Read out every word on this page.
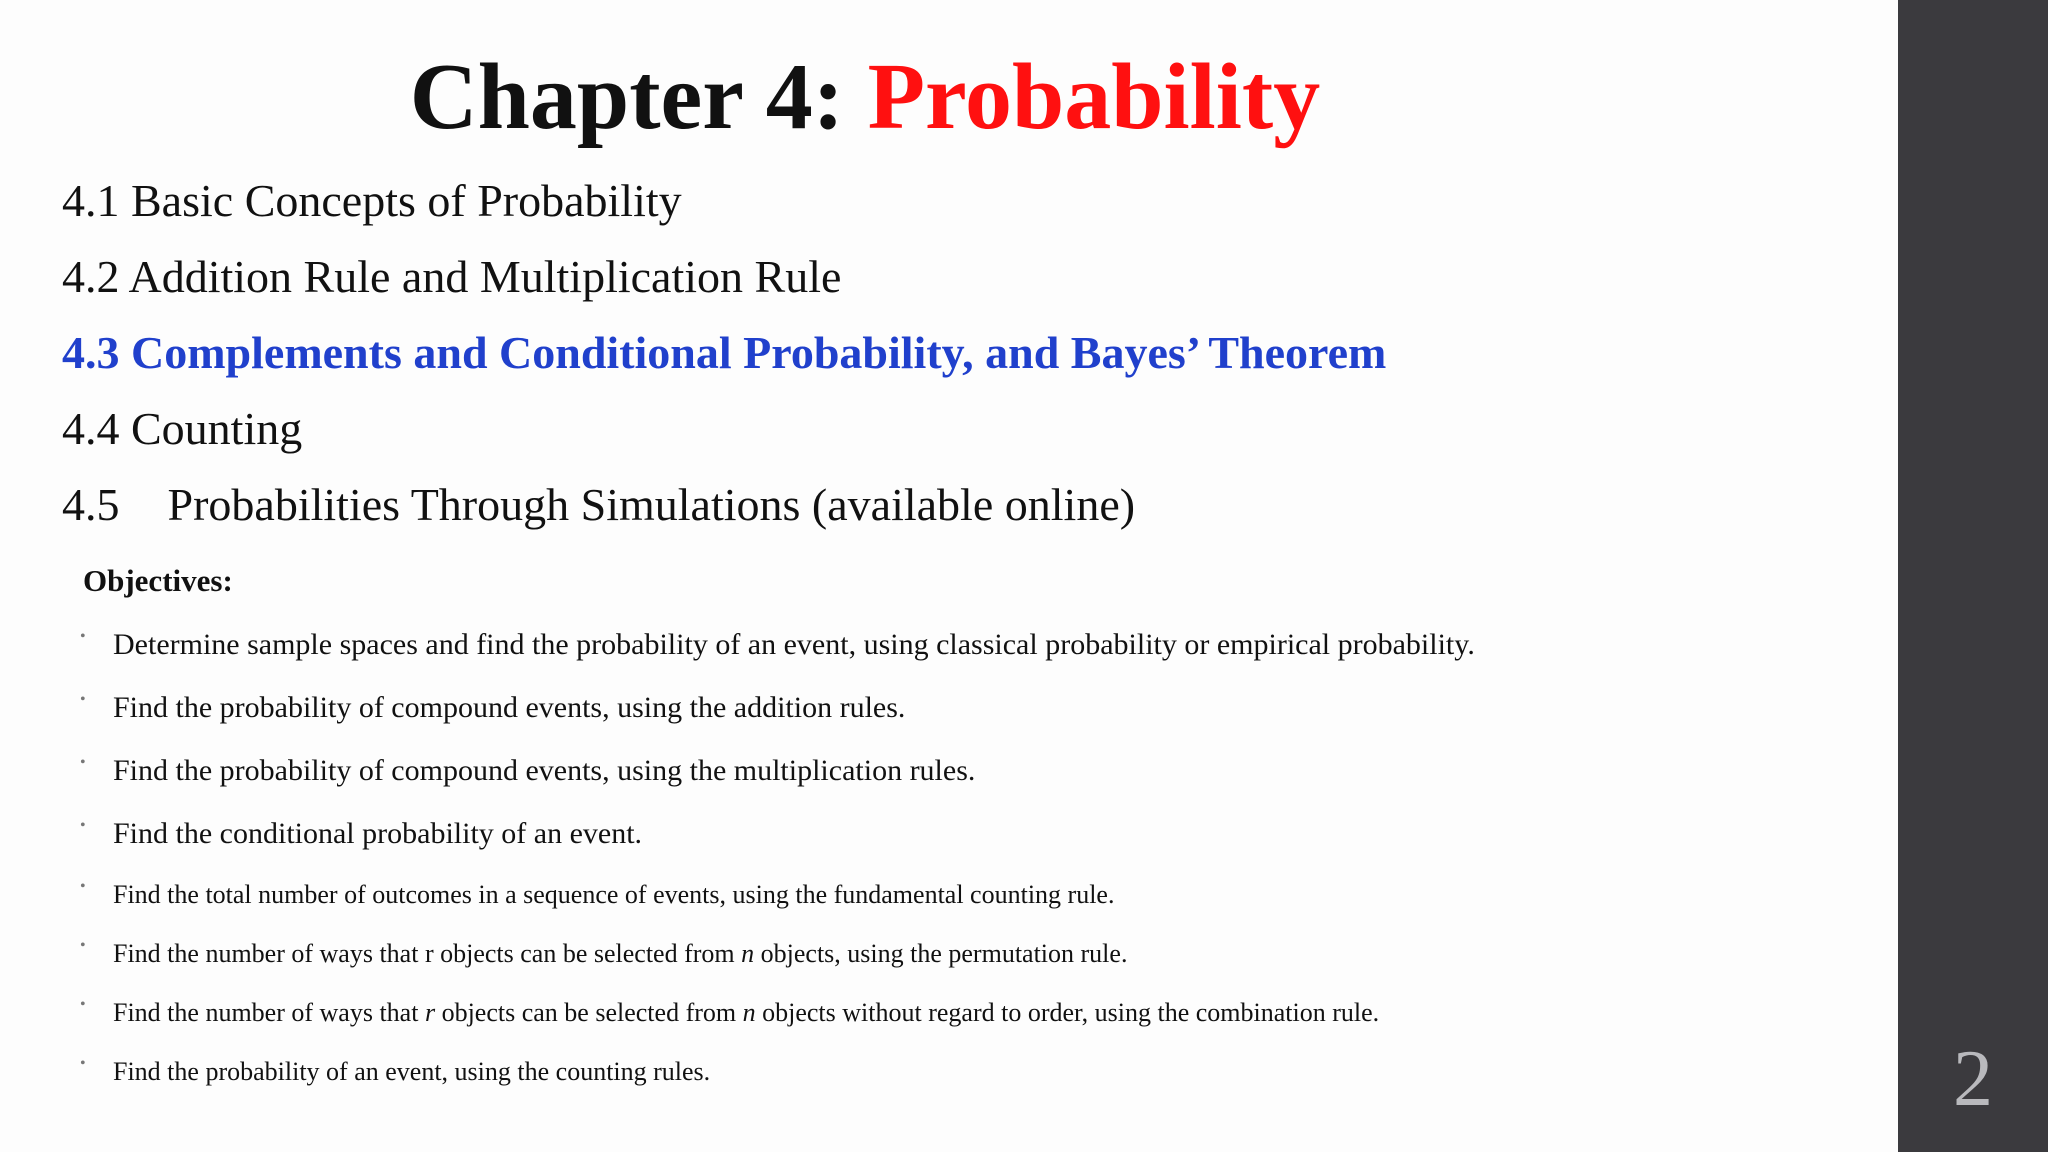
Chapter 4: Probability
4.1 Basic Concepts of Probability
4.2 Addition Rule and Multiplication Rule
4.3 Complements and Conditional Probability, and Bayes’ Theorem
4.4 Counting
4.5 Probabilities Through Simulations (available online)
Objectives:
• Determine sample spaces and find the probability of an event, using classical probability or empirical probability.
• Find the probability of compound events, using the addition rules.
• Find the probability of compound events, using the multiplication rules.
• Find the conditional probability of an event.
• Find the total number of outcomes in a sequence of events, using the fundamental counting rule.
• Find the number of ways that r objects can be selected from n objects, using the permutation rule.
• Find the number of ways that r objects can be selected from n objects without regard to order, using the combination rule.
• Find the probability of an event, using the counting rules.	2
